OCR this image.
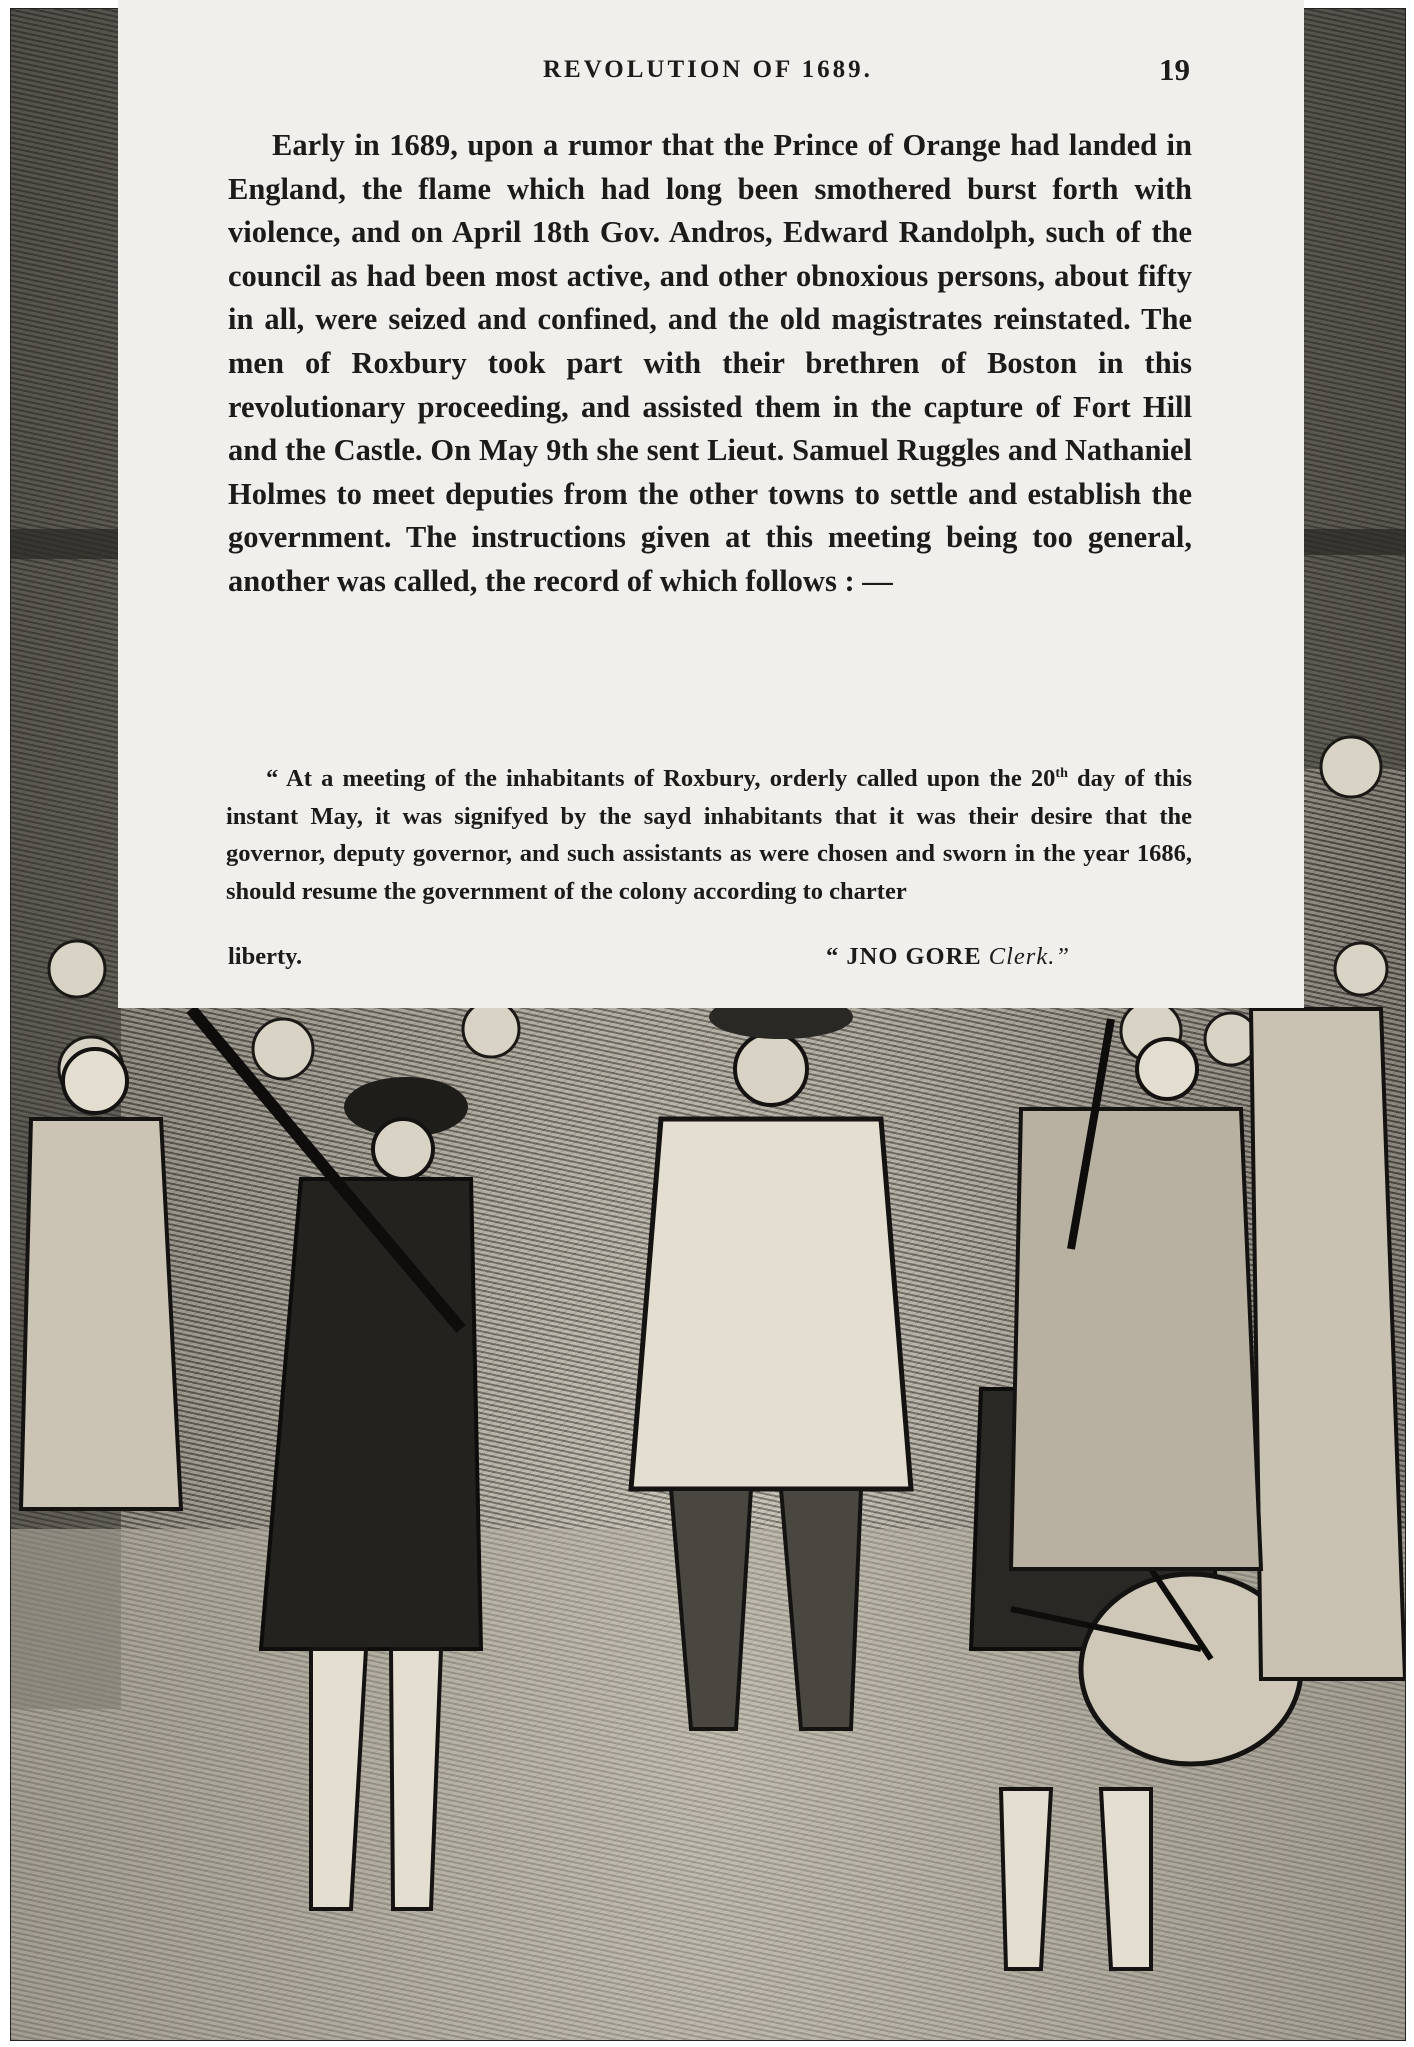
REVOLUTION OF 1689.	19

Early in 1689, upon a rumor that the Prince of Orange had landed in England, the flame which had long been smothered burst forth with violence, and on April 18th Gov. Andros, Edward Randolph, such of the council as had been most active, and other obnoxious persons, about fifty in all, were seized and confined, and the old magistrates reinstated. The men of Roxbury took part with their brethren of Boston in this revolutionary proceeding, and assisted them in the capture of Fort Hill and the Castle. On May 9th she sent Lieut. Samuel Ruggles and Nathaniel Holmes to meet deputies from the other towns to settle and establish the government. The instructions given at this meeting being too general, another was called, the record of which follows : —

“ At a meeting of the inhabitants of Roxbury, orderly called upon the 20th day of this instant May, it was signifyed by the sayd inhabitants that it was their desire that the governor, deputy governor, and such assistants as were chosen and sworn in the year 1686, should resume the government of the colony according to charter

liberty.	“ JNO GORE Clerk.”
